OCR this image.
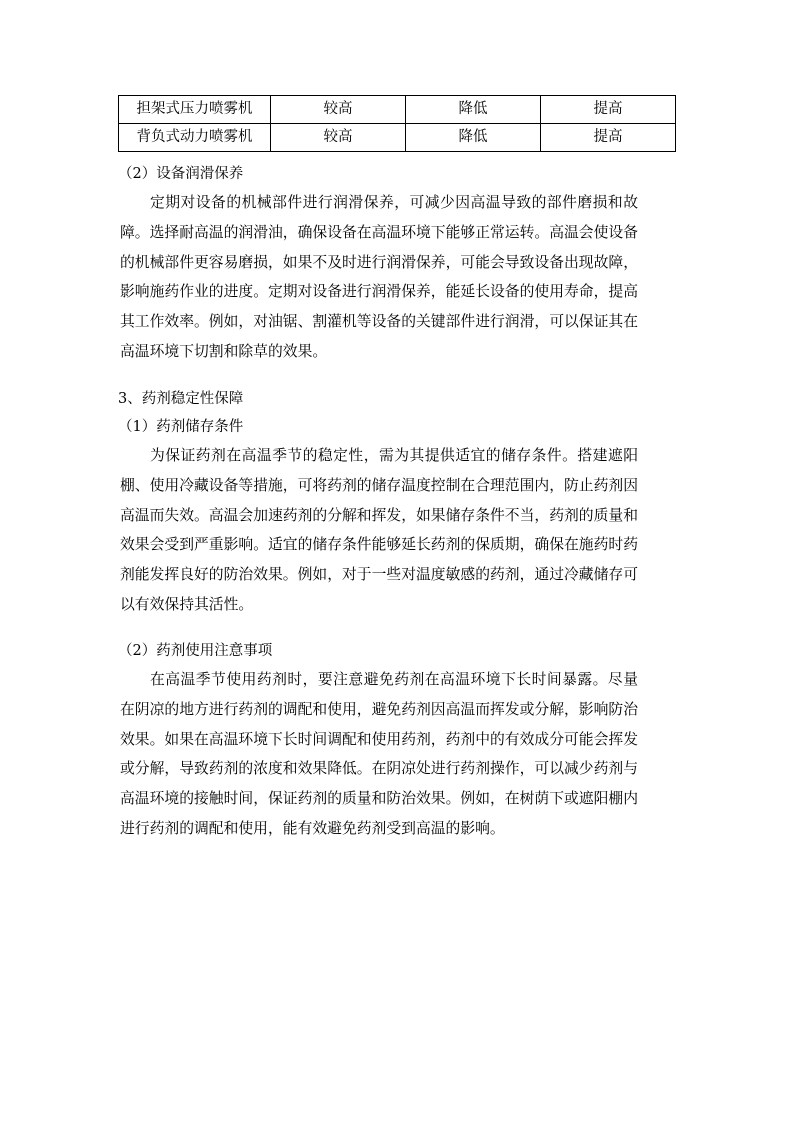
担架式压力喷雾机	较高	降低	提高
背负式动力喷雾机	较高	降低	提高
（2）设备润滑保养

定期对设备的机械部件进行润滑保养，可减少因高温导致的部件磨损和故障。选择耐高温的润滑油，确保设备在高温环境下能够正常运转。高温会使设备的机械部件更容易磨损，如果不及时进行润滑保养，可能会导致设备出现故障，影响施药作业的进度。定期对设备进行润滑保养，能延长设备的使用寿命，提高其工作效率。例如，对油锯、割灌机等设备的关键部件进行润滑，可以保证其在高温环境下切割和除草的效果。

3、药剂稳定性保障
（1）药剂储存条件

为保证药剂在高温季节的稳定性，需为其提供适宜的储存条件。搭建遮阳棚、使用冷藏设备等措施，可将药剂的储存温度控制在合理范围内，防止药剂因高温而失效。高温会加速药剂的分解和挥发，如果储存条件不当，药剂的质量和效果会受到严重影响。适宜的储存条件能够延长药剂的保质期，确保在施药时药剂能发挥良好的防治效果。例如，对于一些对温度敏感的药剂，通过冷藏储存可以有效保持其活性。

（2）药剂使用注意事项

在高温季节使用药剂时，要注意避免药剂在高温环境下长时间暴露。尽量在阴凉的地方进行药剂的调配和使用，避免药剂因高温而挥发或分解，影响防治效果。如果在高温环境下长时间调配和使用药剂，药剂中的有效成分可能会挥发或分解，导致药剂的浓度和效果降低。在阴凉处进行药剂操作，可以减少药剂与高温环境的接触时间，保证药剂的质量和防治效果。例如，在树荫下或遮阳棚内进行药剂的调配和使用，能有效避免药剂受到高温的影响。
